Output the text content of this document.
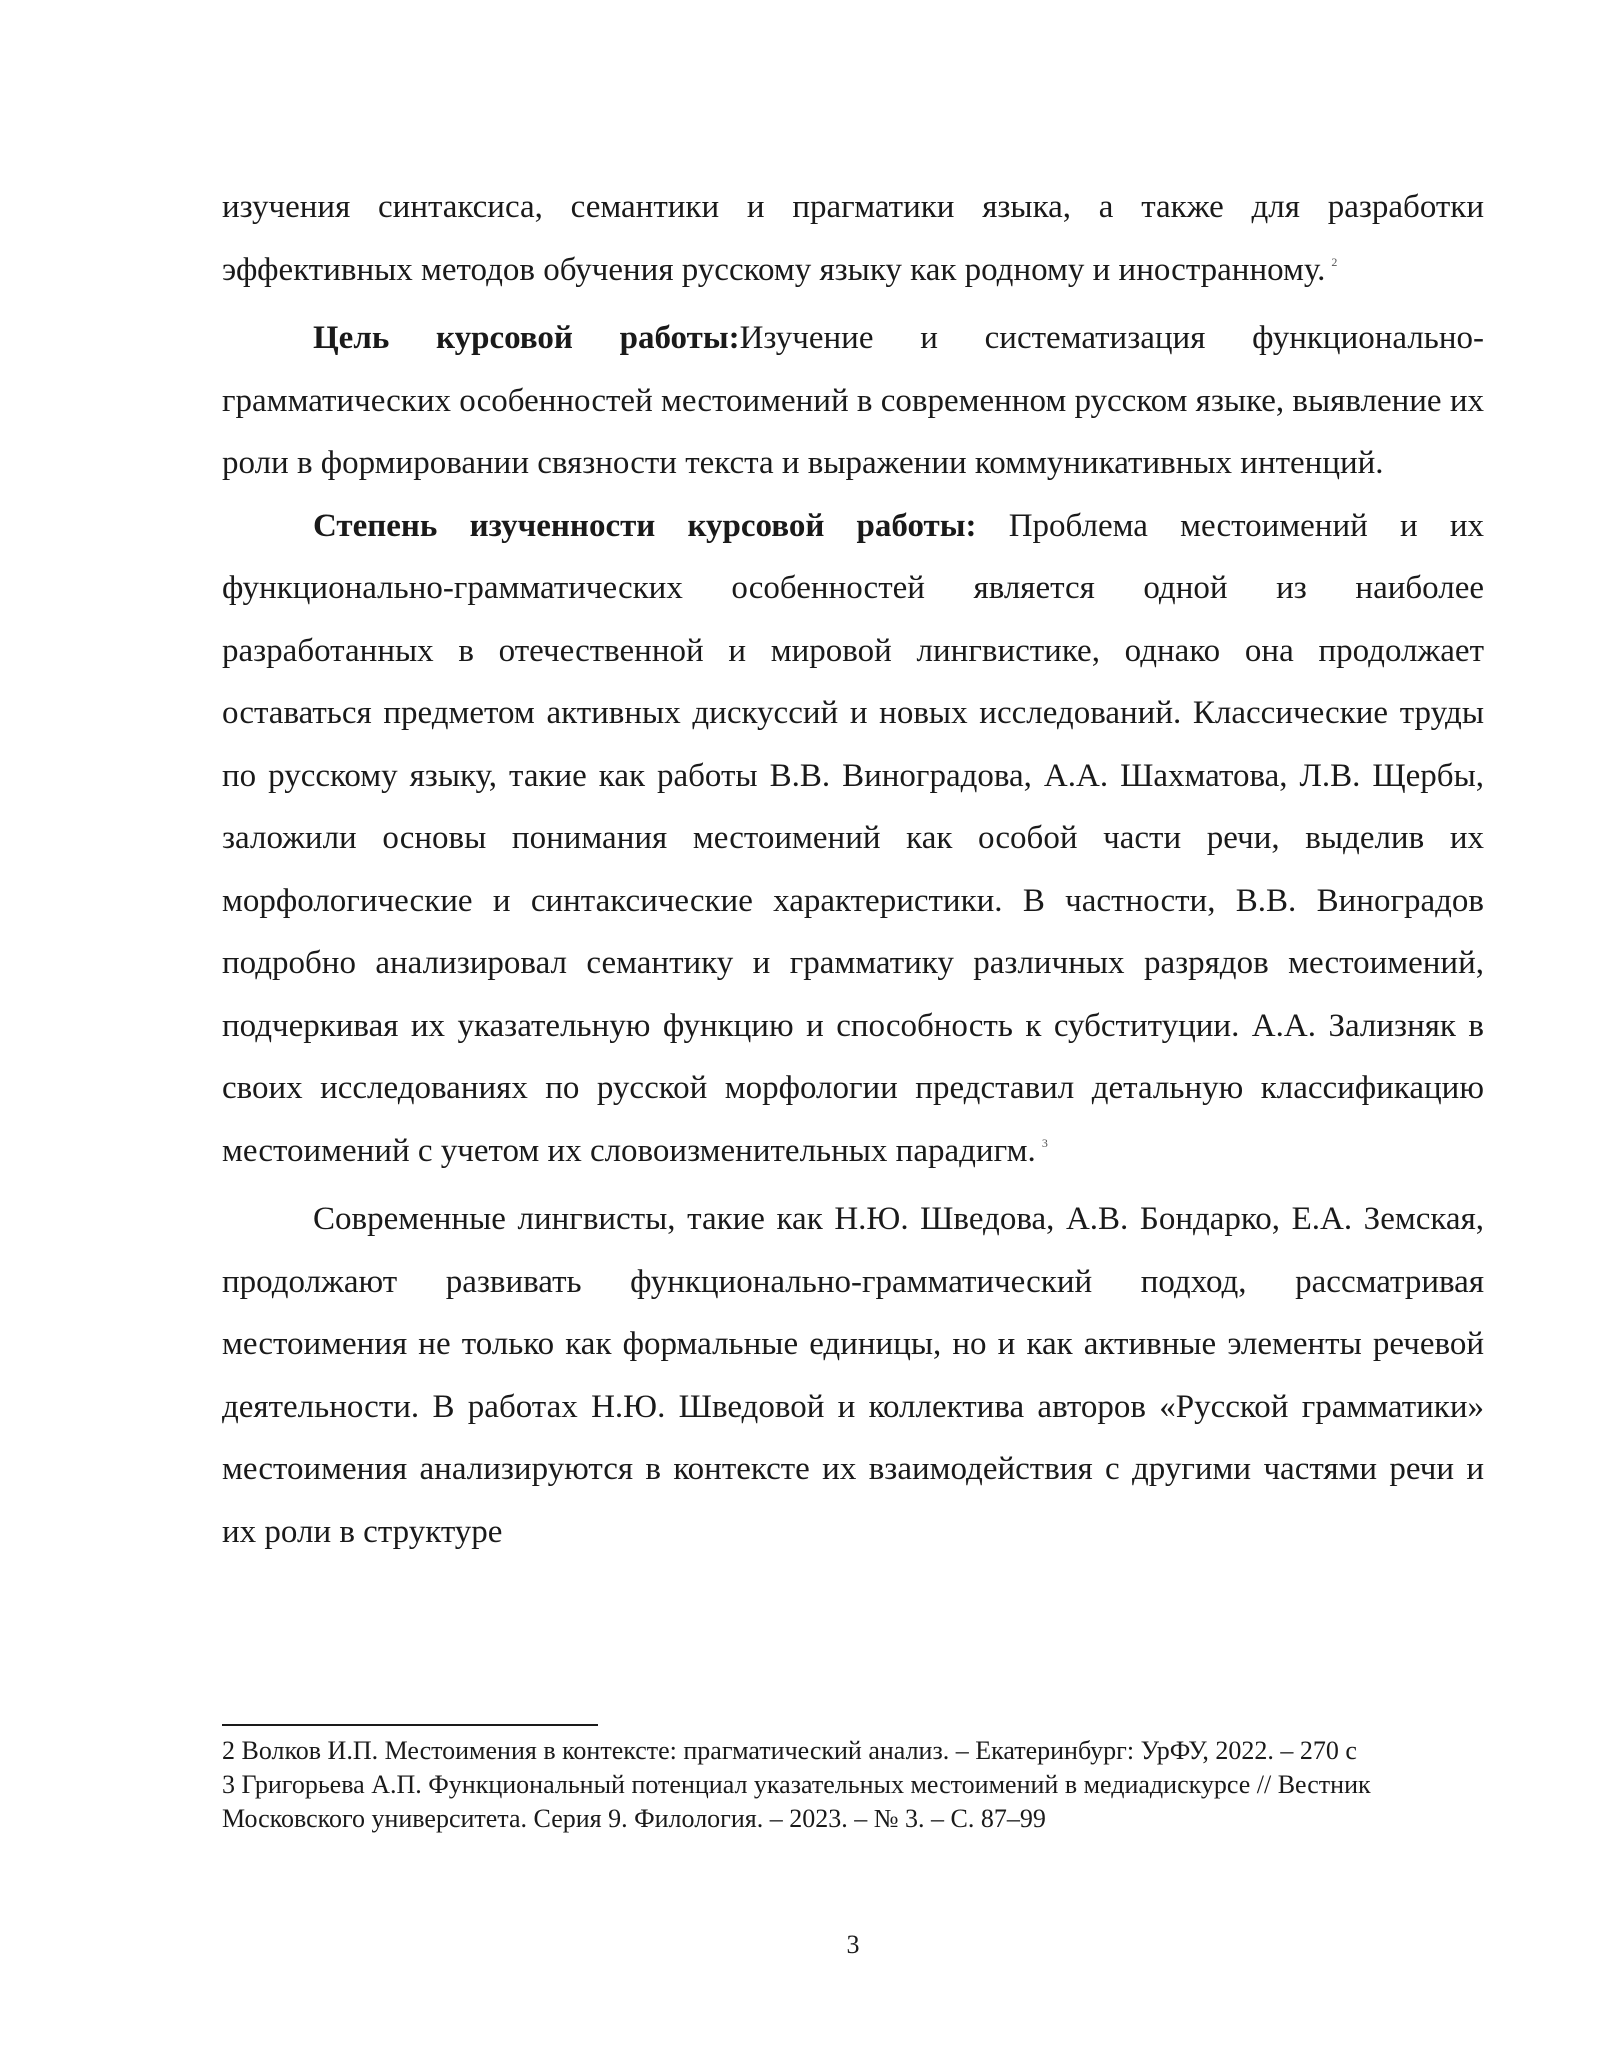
изучения синтаксиса, семантики и прагматики языка, а также для разработки эффективных методов обучения русскому языку как родному и иностранному. $^2$

Цель курсовой работы:Изучение и систематизация функционально-грамматических особенностей местоимений в современном русском языке, выявление их роли в формировании связности текста и выражении коммуникативных интенций.

Степень изученности курсовой работы: Проблема местоимений и их функционально-грамматических особенностей является одной из наиболее разработанных в отечественной и мировой лингвистике, однако она продолжает оставаться предметом активных дискуссий и новых исследований. Классические труды по русскому языку, такие как работы В.В. Виноградова, А.А. Шахматова, Л.В. Щербы, заложили основы понимания местоимений как особой части речи, выделив их морфологические и синтаксические характеристики. В частности, В.В. Виноградов подробно анализировал семантику и грамматику различных разрядов местоимений, подчеркивая их указательную функцию и способность к субституции. А.А. Зализняк в своих исследованиях по русской морфологии представил детальную классификацию местоимений с учетом их словоизменительных парадигм. $^3$

Современные лингвисты, такие как Н.Ю. Шведова, А.В. Бондарко, Е.А. Земская, продолжают развивать функционально-грамматический подход, рассматривая местоимения не только как формальные единицы, но и как активные элементы речевой деятельности. В работах Н.Ю. Шведовой и коллектива авторов «Русской грамматики» местоимения анализируются в контексте их взаимодействия с другими частями речи и их роли в структуре

2 Волков И.П. Местоимения в контексте: прагматический анализ. – Екатеринбург: УрФУ, 2022. – 270 с

3 Григорьева А.П. Функциональный потенциал указательных местоимений в медиадискурсе // Вестник Московского университета. Серия 9. Филология. – 2023. – № 3. – С. 87–99

3
